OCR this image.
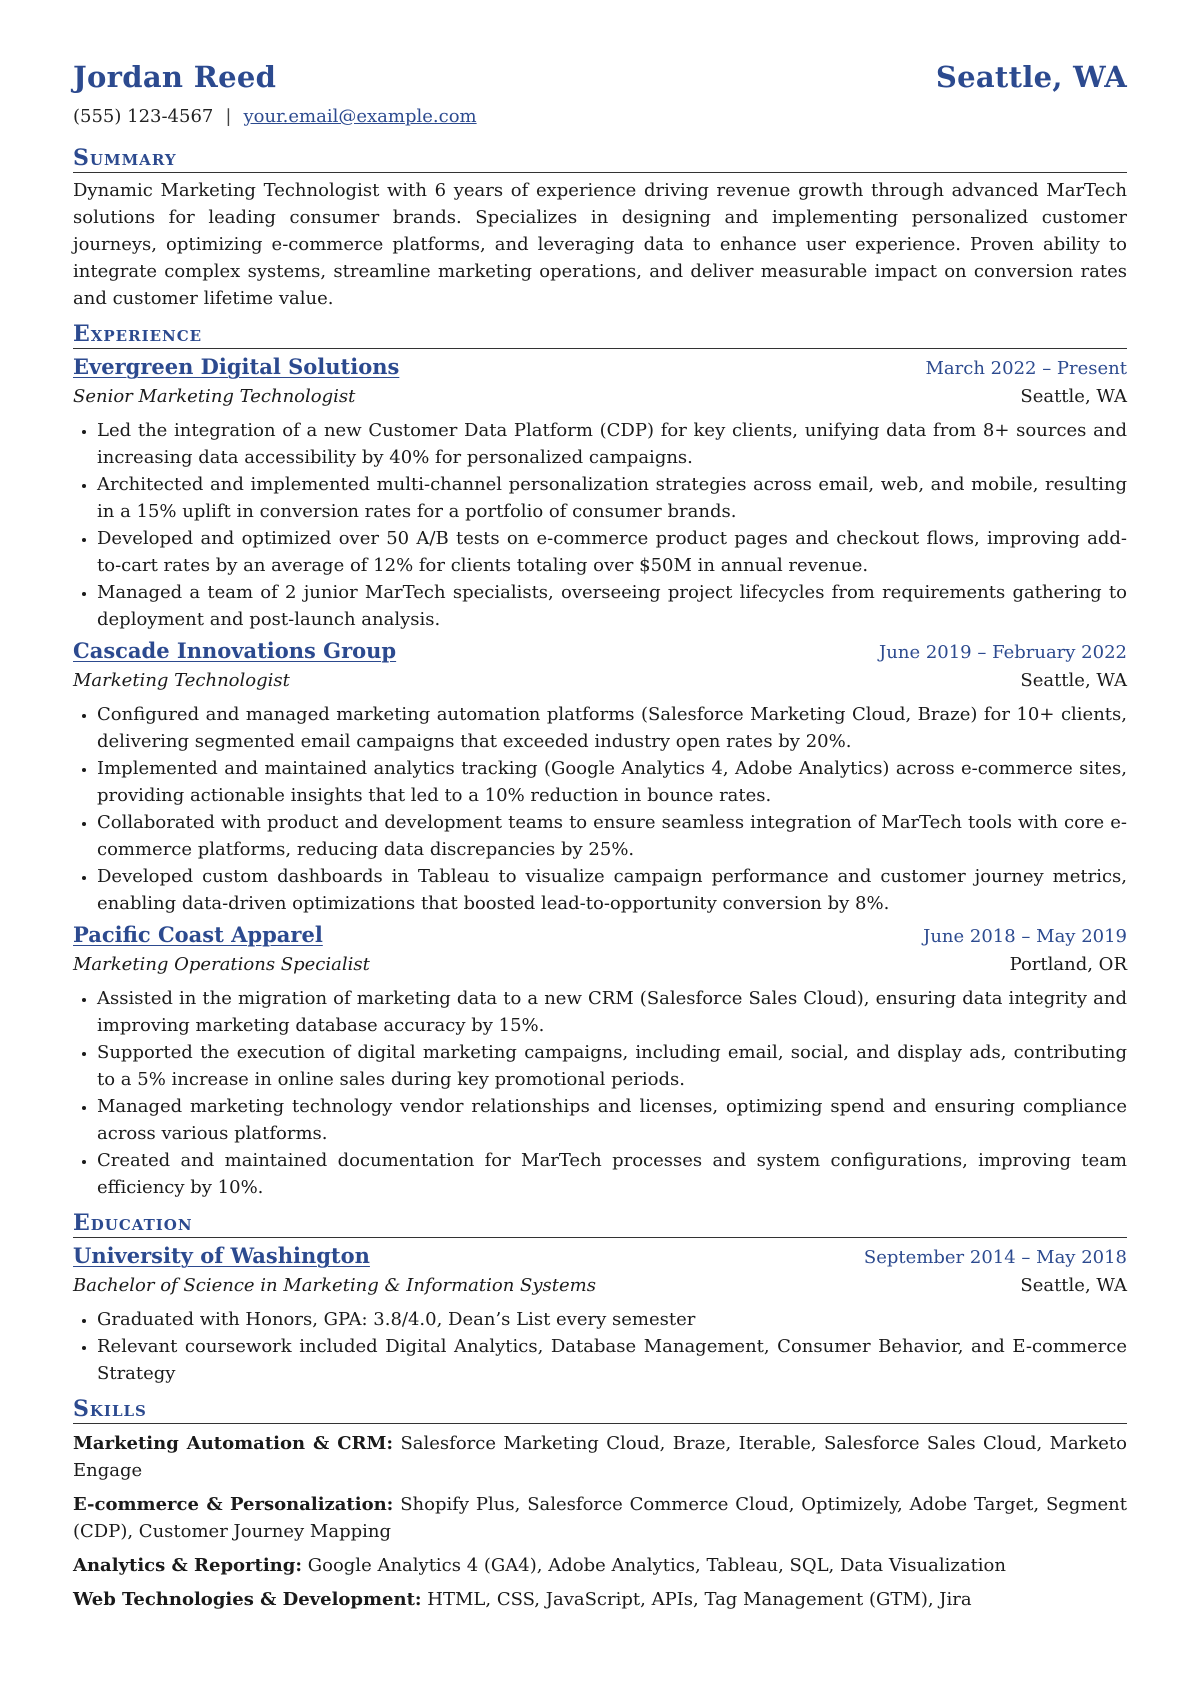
Jordan Reed	Seattle, WA
(555) 123-4567 | your.email@example.com
Summary
Dynamic Marketing Technologist with 6 years of experience driving revenue growth through advanced MarTech solutions for leading consumer brands. Specializes in designing and implementing personalized customer journeys, optimizing e-commerce platforms, and leveraging data to enhance user experience. Proven ability to integrate complex systems, streamline marketing operations, and deliver measurable impact on conversion rates and customer lifetime value.
Experience
Evergreen Digital Solutions	March 2022 – Present
Senior Marketing Technologist	Seattle, WA
• Led the integration of a new Customer Data Platform (CDP) for key clients, unifying data from 8+ sources and increasing data accessibility by 40% for personalized campaigns.
• Architected and implemented multi-channel personalization strategies across email, web, and mobile, resulting in a 15% uplift in conversion rates for a portfolio of consumer brands.
• Developed and optimized over 50 A/B tests on e-commerce product pages and checkout flows, improving add-to-cart rates by an average of 12% for clients totaling over $50M in annual revenue.
• Managed a team of 2 junior MarTech specialists, overseeing project lifecycles from requirements gathering to deployment and post-launch analysis.
Cascade Innovations Group	June 2019 – February 2022
Marketing Technologist	Seattle, WA
• Configured and managed marketing automation platforms (Salesforce Marketing Cloud, Braze) for 10+ clients, delivering segmented email campaigns that exceeded industry open rates by 20%.
• Implemented and maintained analytics tracking (Google Analytics 4, Adobe Analytics) across e-commerce sites, providing actionable insights that led to a 10% reduction in bounce rates.
• Collaborated with product and development teams to ensure seamless integration of MarTech tools with core e-commerce platforms, reducing data discrepancies by 25%.
• Developed custom dashboards in Tableau to visualize campaign performance and customer journey metrics, enabling data-driven optimizations that boosted lead-to-opportunity conversion by 8%.
Pacific Coast Apparel	June 2018 – May 2019
Marketing Operations Specialist	Portland, OR
• Assisted in the migration of marketing data to a new CRM (Salesforce Sales Cloud), ensuring data integrity and improving marketing database accuracy by 15%.
• Supported the execution of digital marketing campaigns, including email, social, and display ads, contributing to a 5% increase in online sales during key promotional periods.
• Managed marketing technology vendor relationships and licenses, optimizing spend and ensuring compliance across various platforms.
• Created and maintained documentation for MarTech processes and system configurations, improving team efficiency by 10%.
Education
University of Washington	September 2014 – May 2018
Bachelor of Science in Marketing & Information Systems	Seattle, WA
• Graduated with Honors, GPA: 3.8/4.0, Dean’s List every semester
• Relevant coursework included Digital Analytics, Database Management, Consumer Behavior, and E-commerce Strategy
Skills
Marketing Automation & CRM: Salesforce Marketing Cloud, Braze, Iterable, Salesforce Sales Cloud, Marketo Engage
E-commerce & Personalization: Shopify Plus, Salesforce Commerce Cloud, Optimizely, Adobe Target, Segment (CDP), Customer Journey Mapping
Analytics & Reporting: Google Analytics 4 (GA4), Adobe Analytics, Tableau, SQL, Data Visualization
Web Technologies & Development: HTML, CSS, JavaScript, APIs, Tag Management (GTM), Jira
